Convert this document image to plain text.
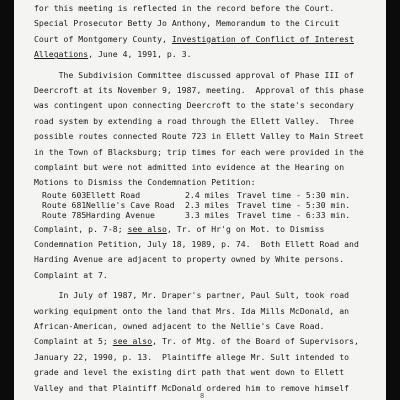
for this meeting is reflected in the record before the Court.
Special Prosecutor Betty Jo Anthony, Memorandum to the Circuit
Court of Montgomery County, Investigation of Conflict of Interest
Allegations, June 4, 1991, p. 3.
The Subdivision Committee discussed approval of Phase III of
Deercroft at its November 9, 1987, meeting.  Approval of this phase
was contingent upon connecting Deercroft to the state's secondary
road system by extending a road through the Ellett Valley.  Three
possible routes connected Route 723 in Ellett Valley to Main Street
in the Town of Blacksburg; trip times for each were provided in the
complaint but were not admitted into evidence at the Hearing on
Motions to Dismiss the Condemnation Petition:
Route 603 Ellett Road	2.4 miles Travel time - 5:30 min.
Route 681 Nellie's Cave Road	2.3 miles Travel time - 5:30 min.
Route 785 Harding Avenue	3.3 miles Travel time - 6:33 min.
Complaint, p. 7-8; see also, Tr. of Hr'g on Mot. to Dismiss
Condemnation Petition, July 18, 1989, p. 74.  Both Ellett Road and
Harding Avenue are adjacent to property owned by White persons.
Complaint at 7.
In July of 1987, Mr. Draper's partner, Paul Sult, took road
working equipment onto the land that Mrs. Ida Mills McDonald, an
African-American, owned adjacent to the Nellie's Cave Road.
Complaint at 5; see also, Tr. of Mtg. of the Board of Supervisors,
January 22, 1990, p. 13.  Plaintiffe allege Mr. Sult intended to
grade and level the existing dirt path that went down to Ellett
Valley and that Plaintiff McDonald ordered him to remove himself
8
